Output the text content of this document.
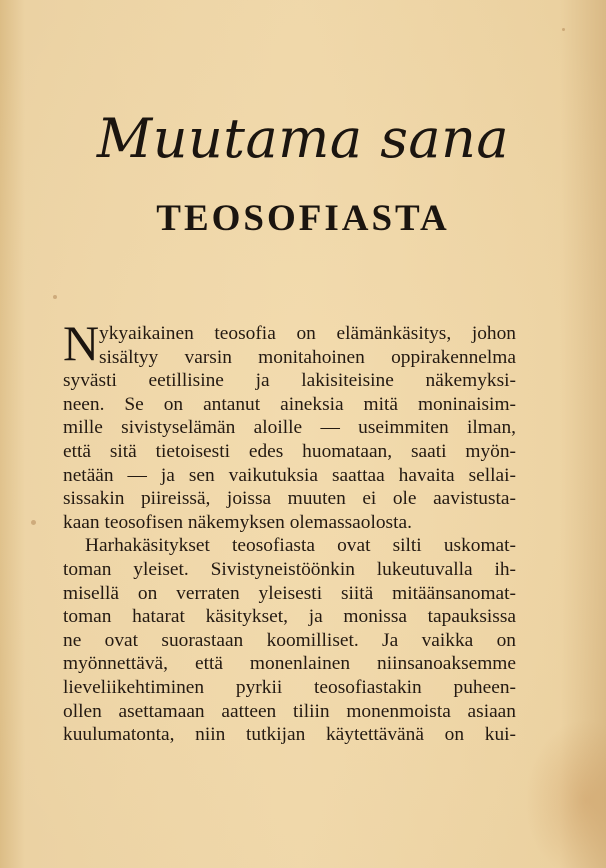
Muutama sana
TEOSOFIASTA
N ykyaikainen teosofia on elämänkäsitys, johon
sisältyy varsin monitahoinen oppirakennelma
syvästi eetillisine ja lakisiteisine näkemyksi-
neen. Se on antanut aineksia mitä moninaisim-
mille sivistyselämän aloille — useimmiten ilman,
että sitä tietoisesti edes huomataan, saati myön-
netään — ja sen vaikutuksia saattaa havaita sellai-
sissakin piireissä, joissa muuten ei ole aavistusta-
kaan teosofisen näkemyksen olemassaolosta.
Harhakäsitykset teosofiasta ovat silti uskomat-
toman yleiset. Sivistyneistöönkin lukeutuvalla ih-
misellä on verraten yleisesti siitä mitäänsanomat-
toman hatarat käsitykset, ja monissa tapauksissa
ne ovat suorastaan koomilliset. Ja vaikka on
myönnettävä, että monenlainen niinsanoaksemme
lieveliikehtiminen pyrkii teosofiastakin puheen-
ollen asettamaan aatteen tiliin monenmoista asiaan
kuulumatonta, niin tutkijan käytettävänä on kui-
